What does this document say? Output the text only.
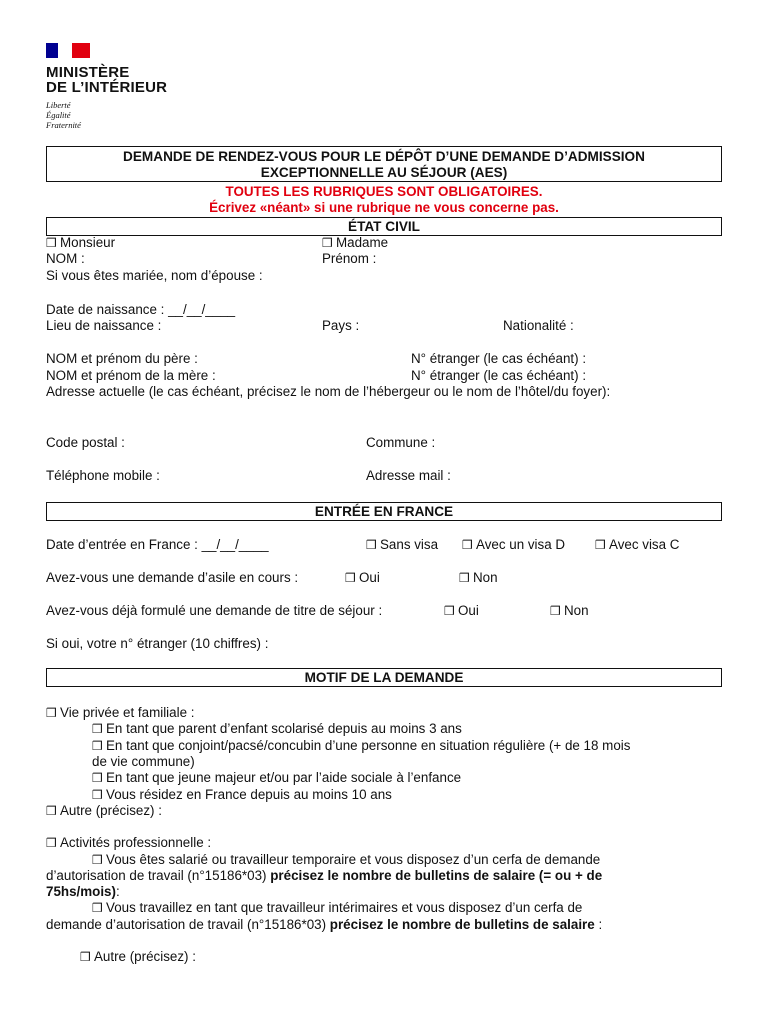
MINISTÈRE
DE L’INTÉRIEUR
Liberté
Égalité
Fraternité
DEMANDE DE RENDEZ-VOUS POUR LE DÉPÔT D’UNE DEMANDE D’ADMISSION
EXCEPTIONNELLE AU SÉJOUR (AES)
TOUTES LES RUBRIQUES SONT OBLIGATOIRES.
Écrivez «néant» si une rubrique ne vous concerne pas.
ÉTAT CIVIL
❒ Monsieur	❒ Madame
NOM :	Prénom :
Si vous êtes mariée, nom d’épouse :
Date de naissance : __/__/____
Lieu de naissance :	Pays :	Nationalité :
NOM et prénom du père :	N° étranger (le cas échéant) :
NOM et prénom de la mère :	N° étranger (le cas échéant) :
Adresse actuelle (le cas échéant, précisez le nom de l’hébergeur ou le nom de l’hôtel/du foyer):
Code postal :	Commune :
Téléphone mobile :	Adresse mail :
ENTRÉE EN FRANCE
Date d’entrée en France : __/__/____	❒ Sans visa ❒ Avec un visa D ❒ Avec visa C
Avez-vous une demande d’asile en cours :	❒ Oui	❒ Non
Avez-vous déjà formulé une demande de titre de séjour :	❒ Oui	❒ Non
Si oui, votre n° étranger (10 chiffres) :
MOTIF DE LA DEMANDE
❒ Vie privée et familiale :
❒ En tant que parent d’enfant scolarisé depuis au moins 3 ans
❒ En tant que conjoint/pacsé/concubin d’une personne en situation régulière (+ de 18 mois
de vie commune)
❒ En tant que jeune majeur et/ou par l’aide sociale à l’enfance
❒ Vous résidez en France depuis au moins 10 ans
❒ Autre (précisez) :
❒ Activités professionnelle :
❒ Vous êtes salarié ou travailleur temporaire et vous disposez d’un cerfa de demande
d’autorisation de travail (n°15186*03) précisez le nombre de bulletins de salaire (= ou + de
75hs/mois):
❒ Vous travaillez en tant que travailleur intérimaires et vous disposez d’un cerfa de
demande d’autorisation de travail (n°15186*03) précisez le nombre de bulletins de salaire :
❒ Autre (précisez) :
